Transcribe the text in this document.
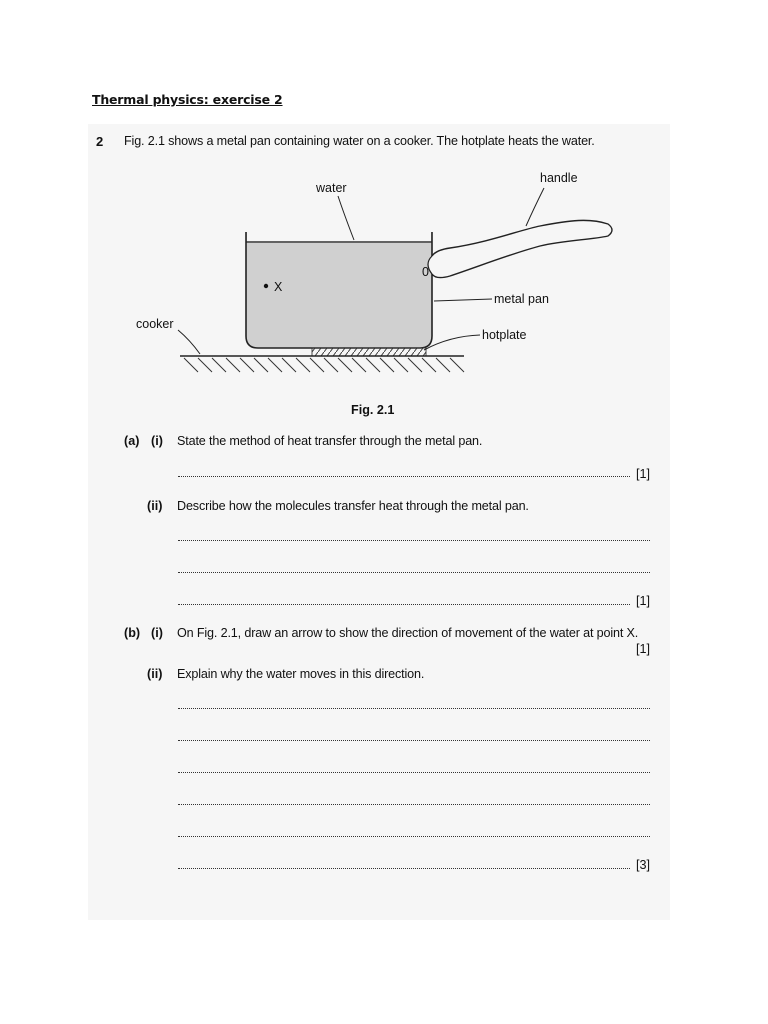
Thermal physics: exercise 2
2 Fig. 2.1 shows a metal pan containing water on a cooker. The hotplate heats the water.
0
X
water
handle
metal pan
cooker
hotplate
Fig. 2.1
(a) (i) State the method of heat transfer through the metal pan.
[1]
(ii) Describe how the molecules transfer heat through the metal pan.
[1]
(b) (i) On Fig. 2.1, draw an arrow to show the direction of movement of the water at point X.
[1]
(ii) Explain why the water moves in this direction.
[3]
